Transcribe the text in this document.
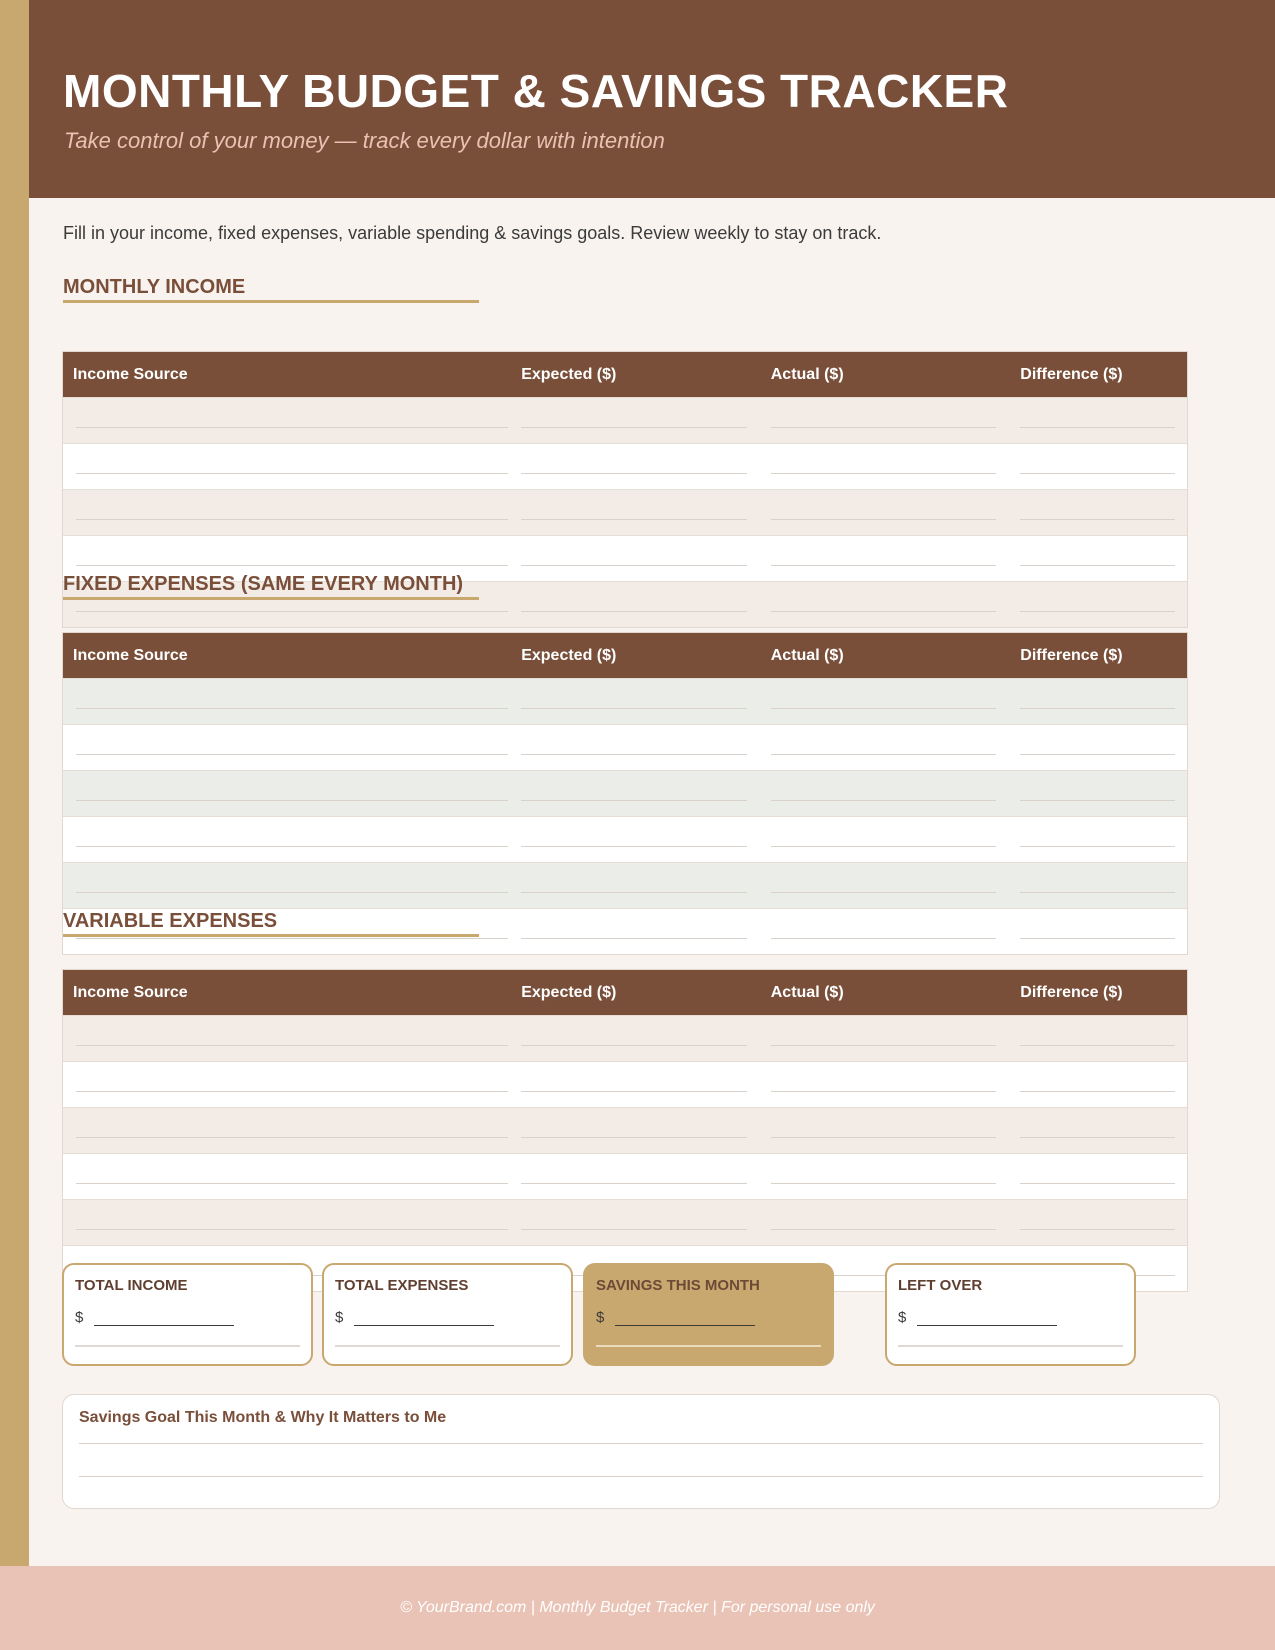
MONTHLY BUDGET & SAVINGS TRACKER
Take control of your money — track every dollar with intention
Fill in your income, fixed expenses, variable spending & savings goals. Review weekly to stay on track.
MONTHLY INCOME
Income Source	Expected ($)	Actual ($)	Difference ($)
FIXED EXPENSES (SAME EVERY MONTH)
Income Source	Expected ($)	Actual ($)	Difference ($)
VARIABLE EXPENSES
Income Source	Expected ($)	Actual ($)	Difference ($)
TOTAL INCOME
$
TOTAL EXPENSES
$
SAVINGS THIS MONTH
$
LEFT OVER
$
Savings Goal This Month & Why It Matters to Me
© YourBrand.com | Monthly Budget Tracker | For personal use only
